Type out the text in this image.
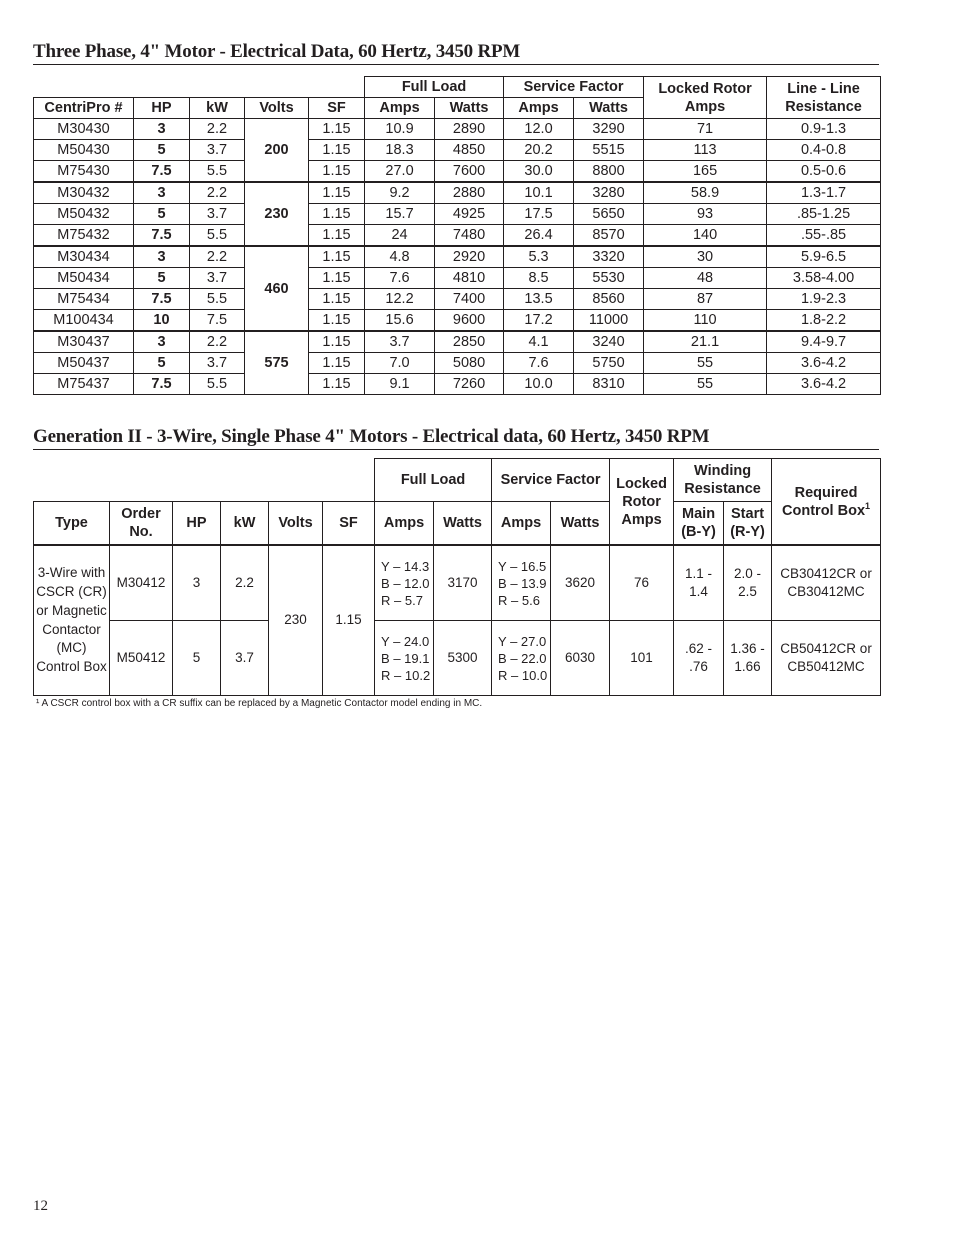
Three Phase, 4" Motor - Electrical Data, 60 Hertz, 3450 RPM
					Full Load		Service Factor		Locked Rotor Amps	Line - Line Resistance
CentriPro #	HP	kW	Volts	SF	Amps	Watts	Amps	Watts		
M30430	3	2.2	200	1.15	10.9	2890	12.0	3290	71	0.9-1.3
M50430	5	3.7		1.15	18.3	4850	20.2	5515	113	0.4-0.8
M75430	7.5	5.5		1.15	27.0	7600	30.0	8800	165	0.5-0.6
M30432	3	2.2	230	1.15	9.2	2880	10.1	3280	58.9	1.3-1.7
M50432	5	3.7		1.15	15.7	4925	17.5	5650	93	.85-1.25
M75432	7.5	5.5		1.15	24	7480	26.4	8570	140	.55-.85
M30434	3	2.2	460	1.15	4.8	2920	5.3	3320	30	5.9-6.5
M50434	5	3.7		1.15	7.6	4810	8.5	5530	48	3.58-4.00
M75434	7.5	5.5		1.15	12.2	7400	13.5	8560	87	1.9-2.3
M100434	10	7.5		1.15	15.6	9600	17.2	11000	110	1.8-2.2
M30437	3	2.2	575	1.15	3.7	2850	4.1	3240	21.1	9.4-9.7
M50437	5	3.7		1.15	7.0	5080	7.6	5750	55	3.6-4.2
M75437	7.5	5.5		1.15	9.1	7260	10.0	8310	55	3.6-4.2
Generation II - 3-Wire, Single Phase 4" Motors - Electrical data, 60 Hertz, 3450 RPM
						Full Load		Service Factor		Locked Rotor Amps	Winding Resistance		Required Control Box$^1$
Type	Order No.	HP	kW	Volts	SF	Amps	Watts	Amps	Watts		Main (B-Y)	Start (R-Y)	
3-Wire with CSCR (CR) or Magnetic Contactor (MC) Control Box	M30412	3	2.2	230	1.15	Y – 14.3
B – 12.0
R – 5.7	3170	Y – 16.5
B – 13.9
R – 5.6	3620	76	1.1 - 1.4	2.0 - 2.5	CB30412CR or CB30412MC
	M50412	5	3.7			Y – 24.0
B – 19.1
R – 10.2	5300	Y – 27.0
B – 22.0
R – 10.0	6030	101	.62 - .76	1.36 - 1.66	CB50412CR or CB50412MC

¹ A CSCR control box with a CR suffix can be replaced by a Magnetic Contactor model ending in MC.

12
